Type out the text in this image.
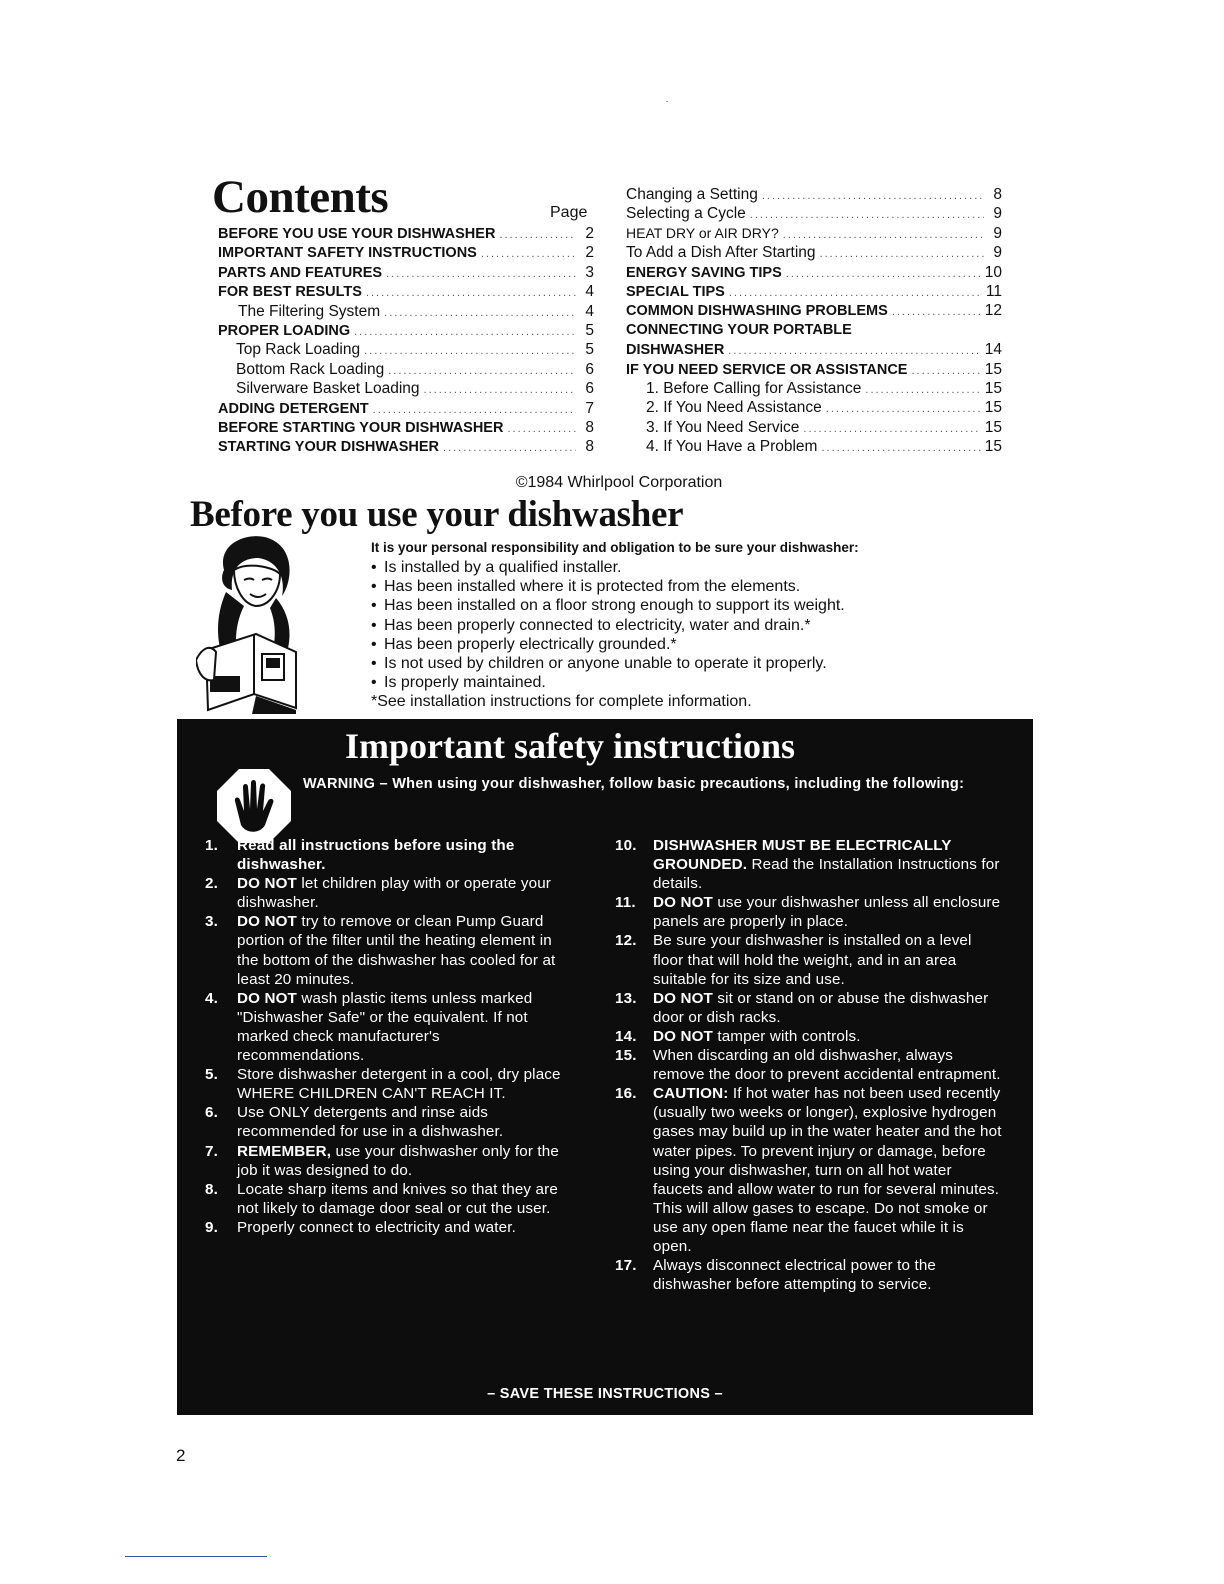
Contents	Page
BEFORE YOU USE YOUR DISHWASHER .....	2
IMPORTANT SAFETY INSTRUCTIONS .....	2
PARTS AND FEATURES .....	3
FOR BEST RESULTS .....	4
The Filtering System .....	4
PROPER LOADING .....	5
Top Rack Loading .....	5
Bottom Rack Loading .....	6
Silverware Basket Loading .....	6
ADDING DETERGENT .....	7
BEFORE STARTING YOUR DISHWASHER .....	8
STARTING YOUR DISHWASHER .....	8
Changing a Setting .....	8
Selecting a Cycle .....	9
HEAT DRY or AIR DRY? .....	9
To Add a Dish After Starting .....	9
ENERGY SAVING TIPS .....	10
SPECIAL TIPS .....	11
COMMON DISHWASHING PROBLEMS .....	12
CONNECTING YOUR PORTABLE
DISHWASHER .....	14
IF YOU NEED SERVICE OR ASSISTANCE .....	15
1. Before Calling for Assistance .....	15
2. If You Need Assistance .....	15
3. If You Need Service .....	15
4. If You Have a Problem .....	15
©1984 Whirlpool Corporation
Before you use your dishwasher
It is your personal responsibility and obligation to be sure your dishwasher:
• Is installed by a qualified installer.
• Has been installed where it is protected from the elements.
• Has been installed on a floor strong enough to support its weight.
• Has been properly connected to electricity, water and drain.*
• Has been properly electrically grounded.*
• Is not used by children or anyone unable to operate it properly.
• Is properly maintained.
*See installation instructions for complete information.
Important safety instructions
WARNING – When using your dishwasher, follow basic precautions, including the following:
1.	Read all instructions before using the dishwasher.
2.	DO NOT let children play with or operate your dishwasher.
3.	DO NOT try to remove or clean Pump Guard portion of the filter until the heating element in the bottom of the dishwasher has cooled for at least 20 minutes.
4.	DO NOT wash plastic items unless marked "Dishwasher Safe" or the equivalent. If not marked check manufacturer's recommendations.
5.	Store dishwasher detergent in a cool, dry place WHERE CHILDREN CAN'T REACH IT.
6.	Use ONLY detergents and rinse aids recommended for use in a dishwasher.
7.	REMEMBER, use your dishwasher only for the job it was designed to do.
8.	Locate sharp items and knives so that they are not likely to damage door seal or cut the user.
9.	Properly connect to electricity and water.
10.	DISHWASHER MUST BE ELECTRICALLY GROUNDED. Read the Installation Instructions for details.
11.	DO NOT use your dishwasher unless all enclosure panels are properly in place.
12.	Be sure your dishwasher is installed on a level floor that will hold the weight, and in an area suitable for its size and use.
13.	DO NOT sit or stand on or abuse the dishwasher door or dish racks.
14.	DO NOT tamper with controls.
15.	When discarding an old dishwasher, always remove the door to prevent accidental entrapment.
16.	CAUTION: If hot water has not been used recently (usually two weeks or longer), explosive hydrogen gases may build up in the water heater and the hot water pipes. To prevent injury or damage, before using your dishwasher, turn on all hot water faucets and allow water to run for several minutes. This will allow gases to escape. Do not smoke or use any open flame near the faucet while it is open.
17.	Always disconnect electrical power to the dishwasher before attempting to service.
– SAVE THESE INSTRUCTIONS –
2
